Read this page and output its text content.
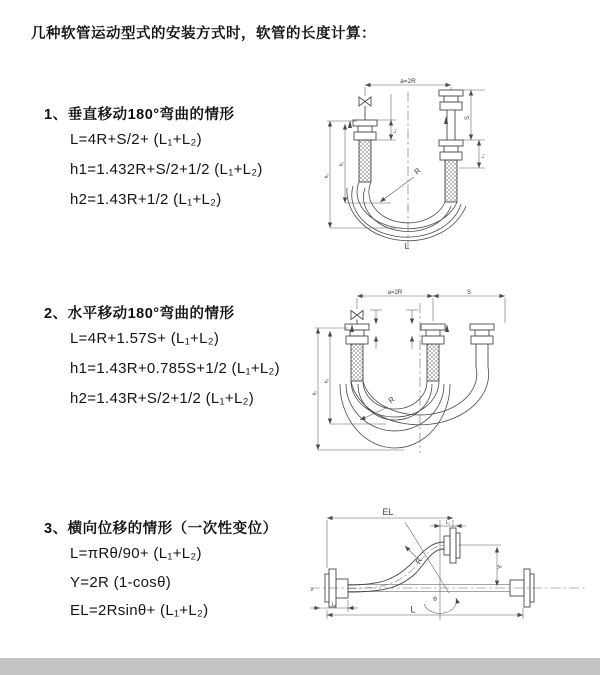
几种软管运动型式的安装方式时，软管的长度计算：
1、垂直移动180°弯曲的情形
L=4R+S/2+ (L₁+L₂)
h1=1.432R+S/2+1/2 (L₁+L₂)
h2=1.43R+1/2 (L₁+L₂)
a=2R
S
L₁
L₁
h₁
h₂	R
L
2、水平移动180°弯曲的情形
L=4R+1.57S+ (L₁+L₂)
h1=1.43R+0.785S+1/2 (L₁+L₂)
h2=1.43R+S/2+1/2 (L₁+L₂)
a=2R	S
h₁
h₂
R
3、横向位移的情形（一次性变位）
L=πRθ/90+ (L₁+L₂)
Y=2R (1-cosθ)
EL=2Rsinθ+ (L₁+L₂)
EL
L₁
Y
L
L₁
R
θ
z
